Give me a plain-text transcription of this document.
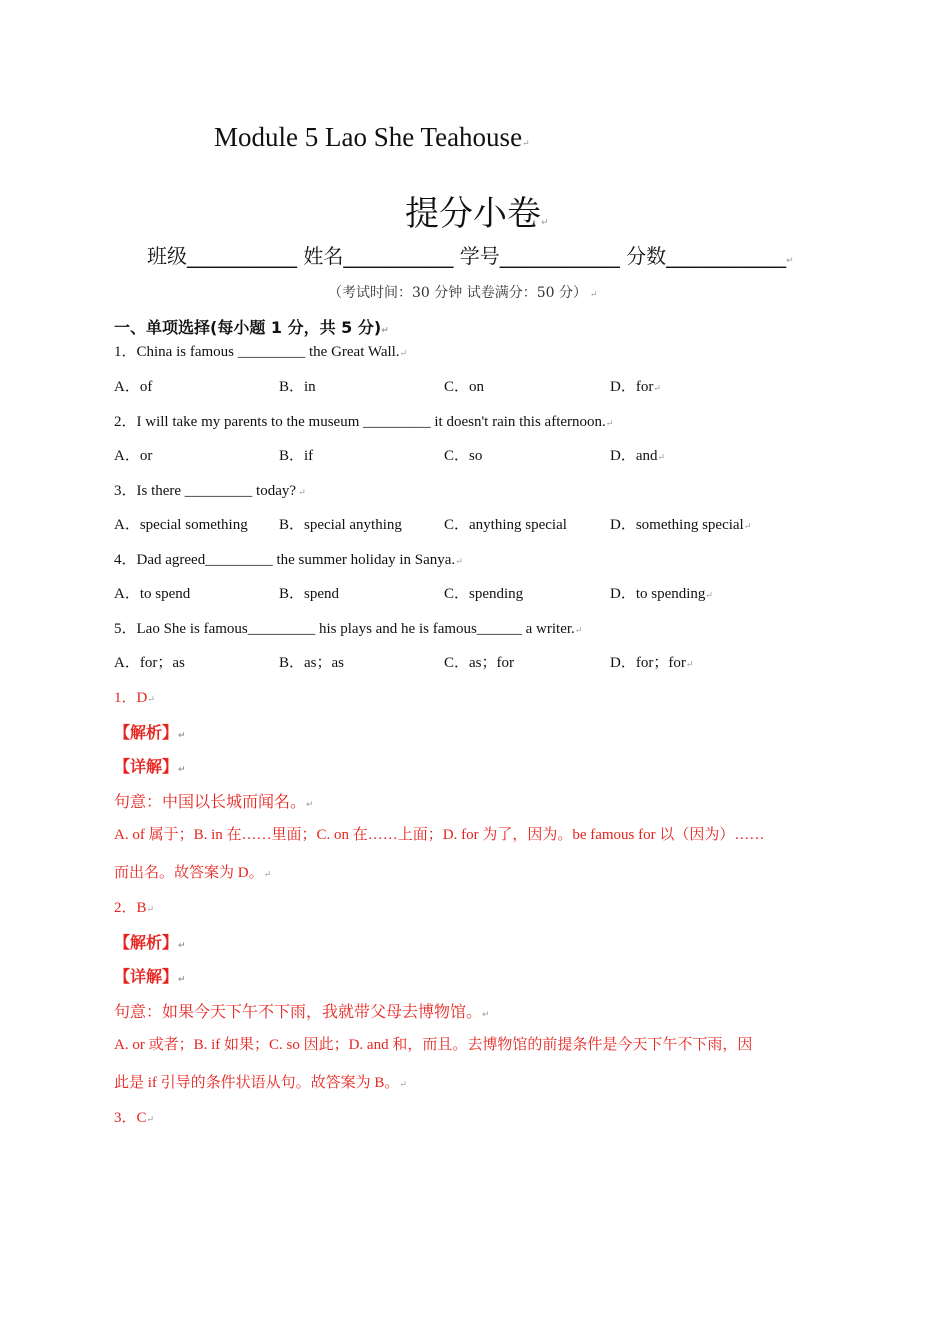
Module 5 Lao She Teahouse↵
提分小卷↵
班级___________ 姓名___________ 学号____________ 分数____________↵
（考试时间：30 分钟 试卷满分：50 分） ↵
一、单项选择(每小题 1 分，共 5 分)↵
1．China is famous _________ the Great Wall.↵
A．of	B．in	C．on	D．for↵
2．I will take my parents to the museum _________ it doesn't rain this afternoon.↵
A．or	B．if	C．so	D．and↵
3．Is there _________ today? ↵
A．special something B．special anything	C．anything special	D．something special↵
4．Dad agreed_________ the summer holiday in Sanya.↵
A．to spend	B．spend	C．spending	D．to spending↵
5．Lao She is famous_________ his plays and he is famous______ a writer.↵
A．for；as	B．as；as	C．as；for	D．for；for↵
1．D↵
【解析】↵
【详解】↵
句意：中国以长城而闻名。↵
A. of 属于；B. in 在……里面；C. on 在……上面；D. for 为了，因为。be famous for 以（因为）……
而出名。故答案为 D。↵
2．B↵
【解析】↵
【详解】↵
句意：如果今天下午不下雨，我就带父母去博物馆。↵
A. or 或者；B. if 如果；C. so 因此；D. and 和，而且。去博物馆的前提条件是今天下午不下雨，因
此是 if 引导的条件状语从句。故答案为 B。↵
3．C↵
